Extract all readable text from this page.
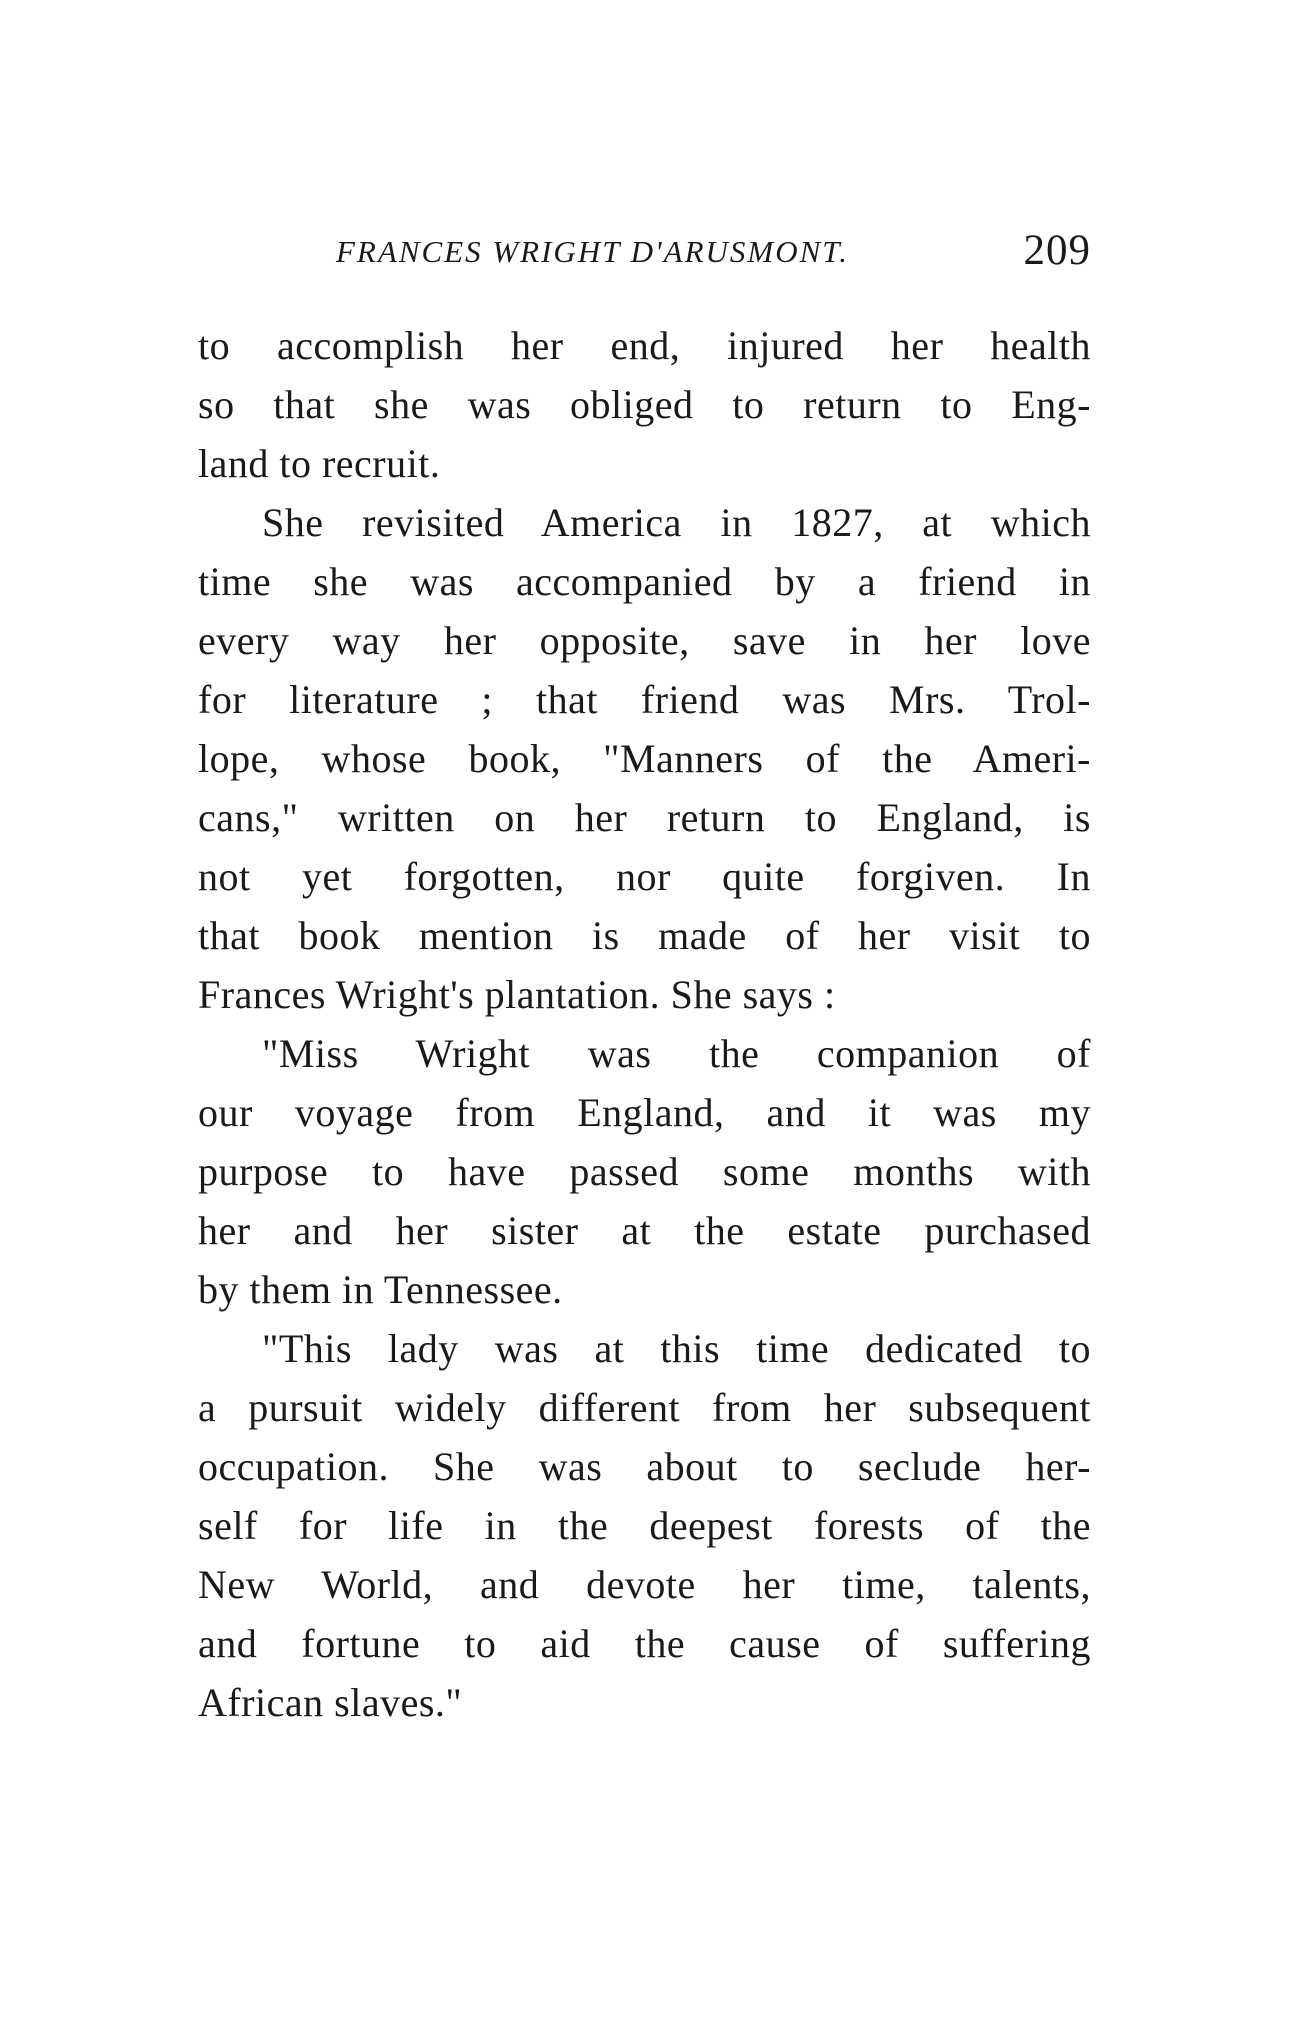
FRANCES WRIGHT D'ARUSMONT.	209
to accomplish her end, injured her health
so that she was obliged to return to Eng-
land to recruit.
She revisited America in 1827, at which
time she was accompanied by a friend in
every way her opposite, save in her love
for literature ; that friend was Mrs. Trol-
lope, whose book, "Manners of the Ameri-
cans," written on her return to England, is
not yet forgotten, nor quite forgiven. In
that book mention is made of her visit to
Frances Wright's plantation. She says :
"Miss Wright was the companion of
our voyage from England, and it was my
purpose to have passed some months with
her and her sister at the estate purchased
by them in Tennessee.
"This lady was at this time dedicated to
a pursuit widely different from her subsequent
occupation. She was about to seclude her-
self for life in the deepest forests of the
New World, and devote her time, talents,
and fortune to aid the cause of suffering
African slaves."
